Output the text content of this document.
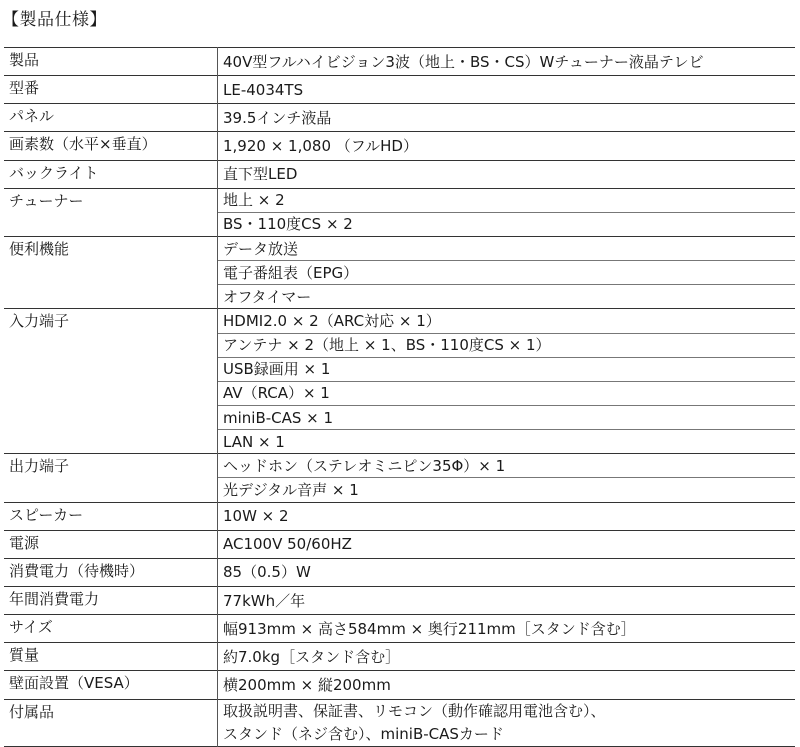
【製品仕様】
製品	40V型フルハイビジョン3波（地上・BS・CS）Wチューナー液晶テレビ
型番	LE-4034TS
パネル	39.5インチ液晶
画素数（水平×垂直）	1,920 × 1,080 （フルHD）
バックライト	直下型LED
チューナー	地上 × 2
	BS・110度CS × 2
便利機能	データ放送
	電子番組表（EPG）
	オフタイマー
入力端子	HDMI2.0 × 2（ARC対応 × 1）
	アンテナ × 2（地上 × 1、BS・110度CS × 1）
	USB録画用 × 1
	AV（RCA）× 1
	miniB-CAS × 1
	LAN × 1
出力端子	ヘッドホン（ステレオミニピン35Φ）× 1
	光デジタル音声 × 1
スピーカー	10W × 2
電源	AC100V 50/60HZ
消費電力（待機時）	85（0.5）W
年間消費電力	77kWh／年
サイズ	幅913mm × 高さ584mm × 奥行211mm［スタンド含む］
質量	約7.0kg［スタンド含む］
壁面設置（VESA）	横200mm × 縦200mm
付属品	取扱説明書、保証書、リモコン（動作確認用電池含む）、
	スタンド（ネジ含む）、miniB-CASカード
